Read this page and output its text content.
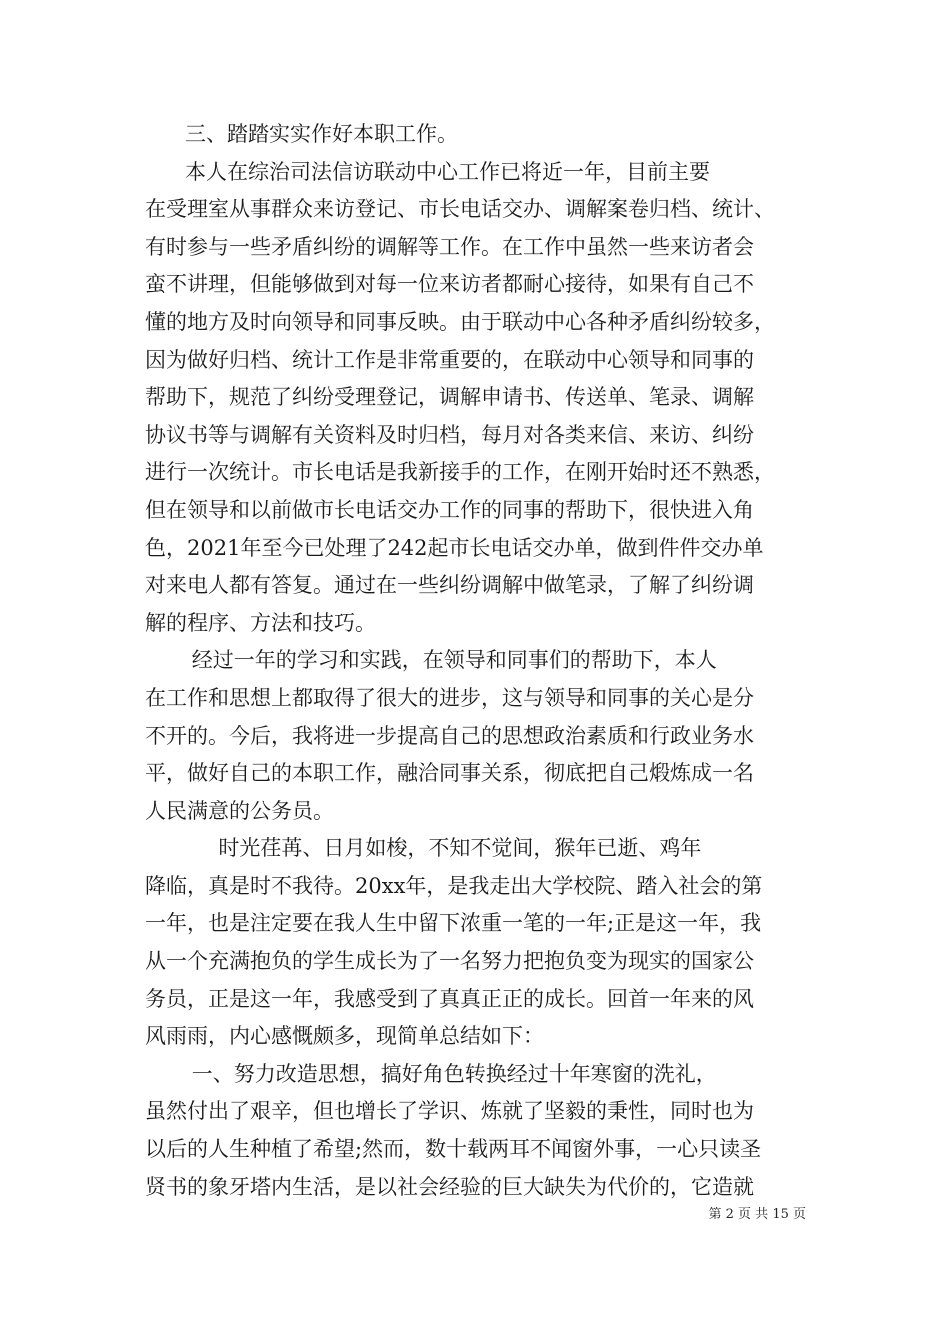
三、踏踏实实作好本职工作。
本人在综治司法信访联动中心工作已将近一年，目前主要
在受理室从事群众来访登记、市长电话交办、调解案卷归档、统计、
有时参与一些矛盾纠纷的调解等工作。在工作中虽然一些来访者会
蛮不讲理，但能够做到对每一位来访者都耐心接待，如果有自己不
懂的地方及时向领导和同事反映。由于联动中心各种矛盾纠纷较多，
因为做好归档、统计工作是非常重要的，在联动中心领导和同事的
帮助下，规范了纠纷受理登记，调解申请书、传送单、笔录、调解
协议书等与调解有关资料及时归档，每月对各类来信、来访、纠纷
进行一次统计。市长电话是我新接手的工作，在刚开始时还不熟悉，
但在领导和以前做市长电话交办工作的同事的帮助下，很快进入角
色，2021年至今已处理了242起市长电话交办单，做到件件交办单
对来电人都有答复。通过在一些纠纷调解中做笔录，了解了纠纷调
解的程序、方法和技巧。
经过一年的学习和实践，在领导和同事们的帮助下，本人
在工作和思想上都取得了很大的进步，这与领导和同事的关心是分
不开的。今后，我将进一步提高自己的思想政治素质和行政业务水
平，做好自己的本职工作，融洽同事关系，彻底把自己煅炼成一名
人民满意的公务员。
时光荏苒、日月如梭，不知不觉间，猴年已逝、鸡年
降临，真是时不我待。20xx年，是我走出大学校院、踏入社会的第
一年，也是注定要在我人生中留下浓重一笔的一年;正是这一年，我
从一个充满抱负的学生成长为了一名努力把抱负变为现实的国家公
务员，正是这一年，我感受到了真真正正的成长。回首一年来的风
风雨雨，内心感慨颇多，现简单总结如下：
一、努力改造思想，搞好角色转换经过十年寒窗的洗礼，
虽然付出了艰辛，但也增长了学识、炼就了坚毅的秉性，同时也为
以后的人生种植了希望;然而，数十载两耳不闻窗外事，一心只读圣
贤书的象牙塔内生活，是以社会经验的巨大缺失为代价的，它造就
第 2 页 共 15 页
